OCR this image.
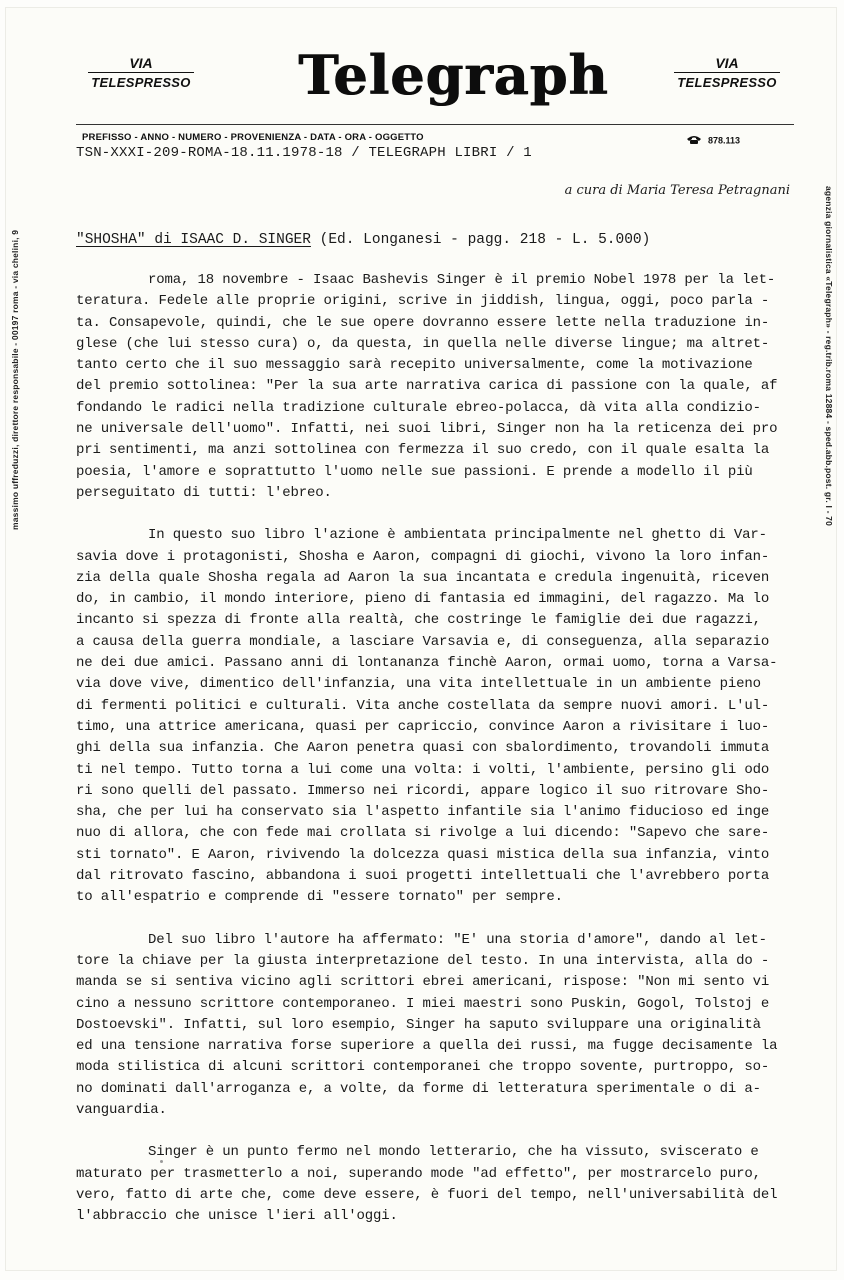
VIA
TELESPRESSO Telegraph	VIA
TELESPRESSO
PREFISSO - ANNO - NUMERO - PROVENIENZA - DATA - ORA - OGGETTO	878.113
TSN-XXXI-209-ROMA-18.11.1978-18 / TELEGRAPH LIBRI / 1
a cura di Maria Teresa Petragnani
massimo uffreduzzi, direttore responsabile - 00197 roma - via chelini, 9	agenzia giornalistica «Telegraph» - reg.trib.roma 12884 - sped.abb.post. gr. I - 70
"SHOSHA" di ISAAC D. SINGER (Ed. Longanesi - pagg. 218 - L. 5.000)
roma, 18 novembre - Isaac Bashevis Singer è il premio Nobel 1978 per la let-
teratura. Fedele alle proprie origini, scrive in jiddish, lingua, oggi, poco parla -
ta. Consapevole, quindi, che le sue opere dovranno essere lette nella traduzione in-
glese (che lui stesso cura) o, da questa, in quella nelle diverse lingue; ma altret-
tanto certo che il suo messaggio sarà recepito universalmente, come la motivazione
del premio sottolinea: "Per la sua arte narrativa carica di passione con la quale, af
fondando le radici nella tradizione culturale ebreo-polacca, dà vita alla condizio-
ne universale dell'uomo". Infatti, nei suoi libri, Singer non ha la reticenza dei pro
pri sentimenti, ma anzi sottolinea con fermezza il suo credo, con il quale esalta la
poesia, l'amore e soprattutto l'uomo nelle sue passioni. E prende a modello il più
perseguitato di tutti: l'ebreo.
In questo suo libro l'azione è ambientata principalmente nel ghetto di Var-
savia dove i protagonisti, Shosha e Aaron, compagni di giochi, vivono la loro infan-
zia della quale Shosha regala ad Aaron la sua incantata e credula ingenuità, riceven
do, in cambio, il mondo interiore, pieno di fantasia ed immagini, del ragazzo. Ma lo
incanto si spezza di fronte alla realtà, che costringe le famiglie dei due ragazzi,
a causa della guerra mondiale, a lasciare Varsavia e, di conseguenza, alla separazio
ne dei due amici. Passano anni di lontananza finchè Aaron, ormai uomo, torna a Varsa-
via dove vive, dimentico dell'infanzia, una vita intellettuale in un ambiente pieno
di fermenti politici e culturali. Vita anche costellata da sempre nuovi amori. L'ul-
timo, una attrice americana, quasi per capriccio, convince Aaron a rivisitare i luo-
ghi della sua infanzia. Che Aaron penetra quasi con sbalordimento, trovandoli immuta
ti nel tempo. Tutto torna a lui come una volta: i volti, l'ambiente, persino gli odo
ri sono quelli del passato. Immerso nei ricordi, appare logico il suo ritrovare Sho-
sha, che per lui ha conservato sia l'aspetto infantile sia l'animo fiducioso ed inge
nuo di allora, che con fede mai crollata si rivolge a lui dicendo: "Sapevo che sare-
sti tornato". E Aaron, rivivendo la dolcezza quasi mistica della sua infanzia, vinto
dal ritrovato fascino, abbandona i suoi progetti intellettuali che l'avrebbero porta
to all'espatrio e comprende di "essere tornato" per sempre.
Del suo libro l'autore ha affermato: "E' una storia d'amore", dando al let-
tore la chiave per la giusta interpretazione del testo. In una intervista, alla do -
manda se si sentiva vicino agli scrittori ebrei americani, rispose: "Non mi sento vi
cino a nessuno scrittore contemporaneo. I miei maestri sono Puskin, Gogol, Tolstoj e
Dostoevski". Infatti, sul loro esempio, Singer ha saputo sviluppare una originalità
ed una tensione narrativa forse superiore a quella dei russi, ma fugge decisamente la
moda stilistica di alcuni scrittori contemporanei che troppo sovente, purtroppo, so-
no dominati dall'arroganza e, a volte, da forme di letteratura sperimentale o di a-
vanguardia.
Singer è un punto fermo nel mondo letterario, che ha vissuto, sviscerato e
maturato per trasmetterlo a noi, superando mode "ad effetto", per mostrarcelo puro,
vero, fatto di arte che, come deve essere, è fuori del tempo, nell'universabilità del
l'abbraccio che unisce l'ieri all'oggi.
